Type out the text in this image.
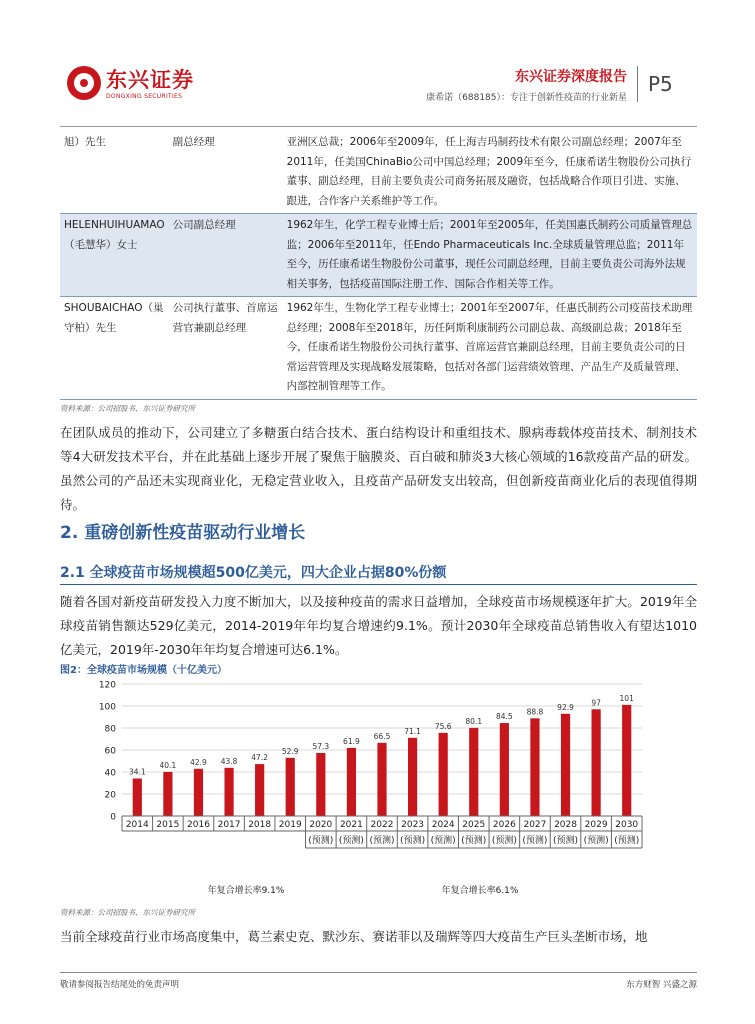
东兴证券
DONGXING SECURITIES
东兴证券深度报告
康希诺（688185）：专注于创新性疫苗的行业新星
P5
旭）先生	副总经理	亚洲区总裁；2006年至2009年，任上海吉玛制药技术有限公司副总经理；2007年至2011年，任美国ChinaBio公司中国总经理；2009年至今，任康希诺生物股份公司执行董事、副总经理，目前主要负责公司商务拓展及融资，包括战略合作项目引进、实施、跟进，合作客户关系维护等工作。
HELENHUIHUAMAO（毛慧华）女士	公司副总经理	1962年生，化学工程专业博士后；2001年至2005年，任美国惠氏制药公司质量管理总监；2006年至2011年，任Endo Pharmaceuticals Inc.全球质量管理总监；2011年至今，历任康希诺生物股份公司董事，现任公司副总经理，目前主要负责公司海外法规相关事务，包括疫苗国际注册工作、国际合作相关等工作。
SHOUBAICHAO（巢守柏）先生	公司执行董事、首席运营官兼副总经理	1962年生，生物化学工程专业博士；2001年至2007年，任惠氏制药公司疫苗技术助理总经理；2008年至2018年，历任阿斯利康制药公司副总裁、高级副总裁；2018年至今，任康希诺生物股份公司执行董事、首席运营官兼副总经理，目前主要负责公司的日常运营管理及实现战略发展策略，包括对各部门运营绩效管理、产品生产及质量管理、内部控制管理等工作。
资料来源：公司招股书、东兴证券研究所
在团队成员的推动下，公司建立了多糖蛋白结合技术、蛋白结构设计和重组技术、腺病毒载体疫苗技术、制剂技术等4大研发技术平台，并在此基础上逐步开展了聚焦于脑膜炎、百白破和肺炎3大核心领域的16款疫苗产品的研发。虽然公司的产品还未实现商业化，无稳定营业收入，且疫苗产品研发支出较高，但创新疫苗商业化后的表现值得期待。
2. 重磅创新性疫苗驱动行业增长
2.1 全球疫苗市场规模超500亿美元，四大企业占据80%份额
随着各国对新疫苗研发投入力度不断加大，以及接种疫苗的需求日益增加，全球疫苗市场规模逐年扩大。2019年全球疫苗销售额达529亿美元，2014-2019年年均复合增速约9.1%。预计2030年全球疫苗总销售收入有望达1010亿美元，2019年-2030年年均复合增速可达6.1%。
图2：全球疫苗市场规模（十亿美元）
34.1
40.1 42.9 43.8 47.2
52.9
57.3
61.9
66.5
71.1
75.6
80.1
84.5
88.8
92.9
97 101
0
20
40
60
80
100
120
2014 2015 2016 2017 2018 2019 2020
(预测)
2021
(预测)
2022
(预测)
2023
(预测)
2024
(预测)
2025
(预测)
2026
(预测)
2027
(预测)
2028
(预测)
2029
(预测)
2030
(预测)
年复合增长率9.1%	年复合增长率6.1%
资料来源：公司招股书、东兴证券研究所
当前全球疫苗行业市场高度集中，葛兰素史克、默沙东、赛诺菲以及瑞辉等四大疫苗生产巨头垄断市场，地
敬请参阅报告结尾处的免责声明	东方财智 兴盛之源
